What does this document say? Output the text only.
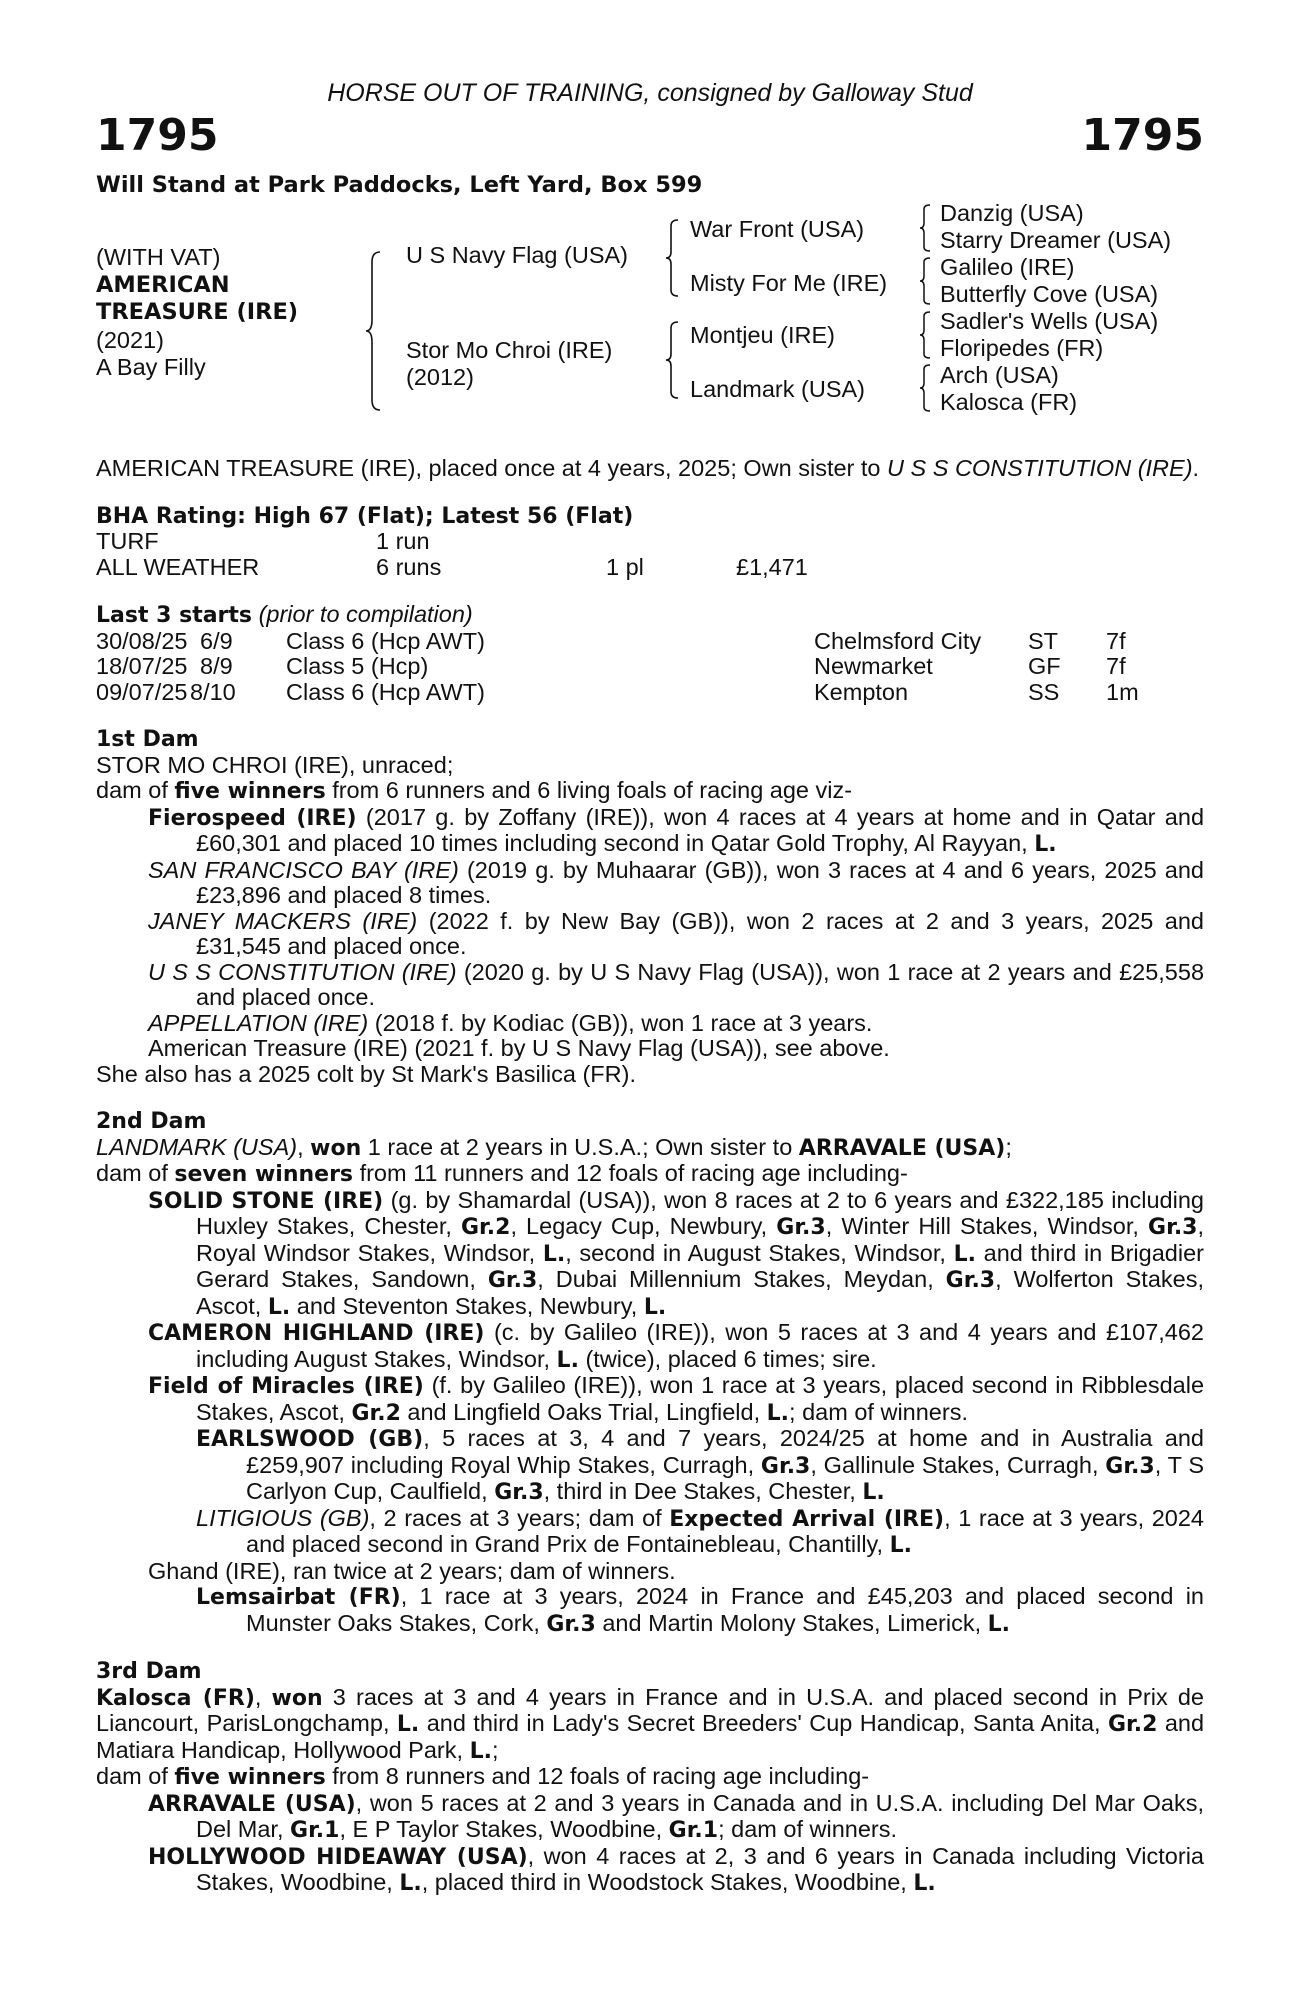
HORSE OUT OF TRAINING, consigned by Galloway Stud
1795	1795
Will Stand at Park Paddocks, Left Yard, Box 599
(WITH VAT)
AMERICAN
TREASURE (IRE)
(2021)
A Bay Filly
U S Navy Flag (USA)
Stor Mo Chroi (IRE)
(2012)
War Front (USA)
Misty For Me (IRE)
Montjeu (IRE)
Landmark (USA)
Danzig (USA)
Starry Dreamer (USA)
Galileo (IRE)
Butterfly Cove (USA)
Sadler's Wells (USA)
Floripedes (FR)
Arch (USA)
Kalosca (FR)

AMERICAN TREASURE (IRE), placed once at 4 years, 2025; Own sister to U S S CONSTITUTION (IRE).

BHA Rating: High 67 (Flat); Latest 56 (Flat)
TURF	1 run
ALL WEATHER	6 runs	1 pl	£1,471
Last 3 starts (prior to compilation)
30/08/25 6/9 Class 6 (Hcp AWT)	Chelmsford City ST 7f
18/07/25 8/9 Class 5 (Hcp)	Newmarket	GF 7f
09/07/25 8/10 Class 6 (Hcp AWT)	Kempton	SS 1m
1st Dam

STOR MO CHROI (IRE), unraced;

dam of five winners from 6 runners and 6 living foals of racing age viz-

Fierospeed (IRE) (2017 g. by Zoffany (IRE)), won 4 races at 4 years at home and in Qatar and £60,301 and placed 10 times including second in Qatar Gold Trophy, Al Rayyan, L.

SAN FRANCISCO BAY (IRE) (2019 g. by Muhaarar (GB)), won 3 races at 4 and 6 years, 2025 and £23,896 and placed 8 times.

JANEY MACKERS (IRE) (2022 f. by New Bay (GB)), won 2 races at 2 and 3 years, 2025 and £31,545 and placed once.

U S S CONSTITUTION (IRE) (2020 g. by U S Navy Flag (USA)), won 1 race at 2 years and £25,558 and placed once.

APPELLATION (IRE) (2018 f. by Kodiac (GB)), won 1 race at 3 years.

American Treasure (IRE) (2021 f. by U S Navy Flag (USA)), see above.

She also has a 2025 colt by St Mark's Basilica (FR).

2nd Dam

LANDMARK (USA), won 1 race at 2 years in U.S.A.; Own sister to ARRAVALE (USA);

dam of seven winners from 11 runners and 12 foals of racing age including-

SOLID STONE (IRE) (g. by Shamardal (USA)), won 8 races at 2 to 6 years and £322,185 including Huxley Stakes, Chester, Gr.2, Legacy Cup, Newbury, Gr.3, Winter Hill Stakes, Windsor, Gr.3, Royal Windsor Stakes, Windsor, L., second in August Stakes, Windsor, L. and third in Brigadier Gerard Stakes, Sandown, Gr.3, Dubai Millennium Stakes, Meydan, Gr.3, Wolferton Stakes, Ascot, L. and Steventon Stakes, Newbury, L.

CAMERON HIGHLAND (IRE) (c. by Galileo (IRE)), won 5 races at 3 and 4 years and £107,462 including August Stakes, Windsor, L. (twice), placed 6 times; sire.

Field of Miracles (IRE) (f. by Galileo (IRE)), won 1 race at 3 years, placed second in Ribblesdale Stakes, Ascot, Gr.2 and Lingfield Oaks Trial, Lingfield, L.; dam of winners.

EARLSWOOD (GB), 5 races at 3, 4 and 7 years, 2024/25 at home and in Australia and £259,907 including Royal Whip Stakes, Curragh, Gr.3, Gallinule Stakes, Curragh, Gr.3, T S Carlyon Cup, Caulfield, Gr.3, third in Dee Stakes, Chester, L.

LITIGIOUS (GB), 2 races at 3 years; dam of Expected Arrival (IRE), 1 race at 3 years, 2024 and placed second in Grand Prix de Fontainebleau, Chantilly, L.

Ghand (IRE), ran twice at 2 years; dam of winners.

Lemsairbat (FR), 1 race at 3 years, 2024 in France and £45,203 and placed second in Munster Oaks Stakes, Cork, Gr.3 and Martin Molony Stakes, Limerick, L.

3rd Dam

Kalosca (FR), won 3 races at 3 and 4 years in France and in U.S.A. and placed second in Prix de Liancourt, ParisLongchamp, L. and third in Lady's Secret Breeders' Cup Handicap, Santa Anita, Gr.2 and Matiara Handicap, Hollywood Park, L.;

dam of five winners from 8 runners and 12 foals of racing age including-

ARRAVALE (USA), won 5 races at 2 and 3 years in Canada and in U.S.A. including Del Mar Oaks, Del Mar, Gr.1, E P Taylor Stakes, Woodbine, Gr.1; dam of winners.

HOLLYWOOD HIDEAWAY (USA), won 4 races at 2, 3 and 6 years in Canada including Victoria Stakes, Woodbine, L., placed third in Woodstock Stakes, Woodbine, L.
